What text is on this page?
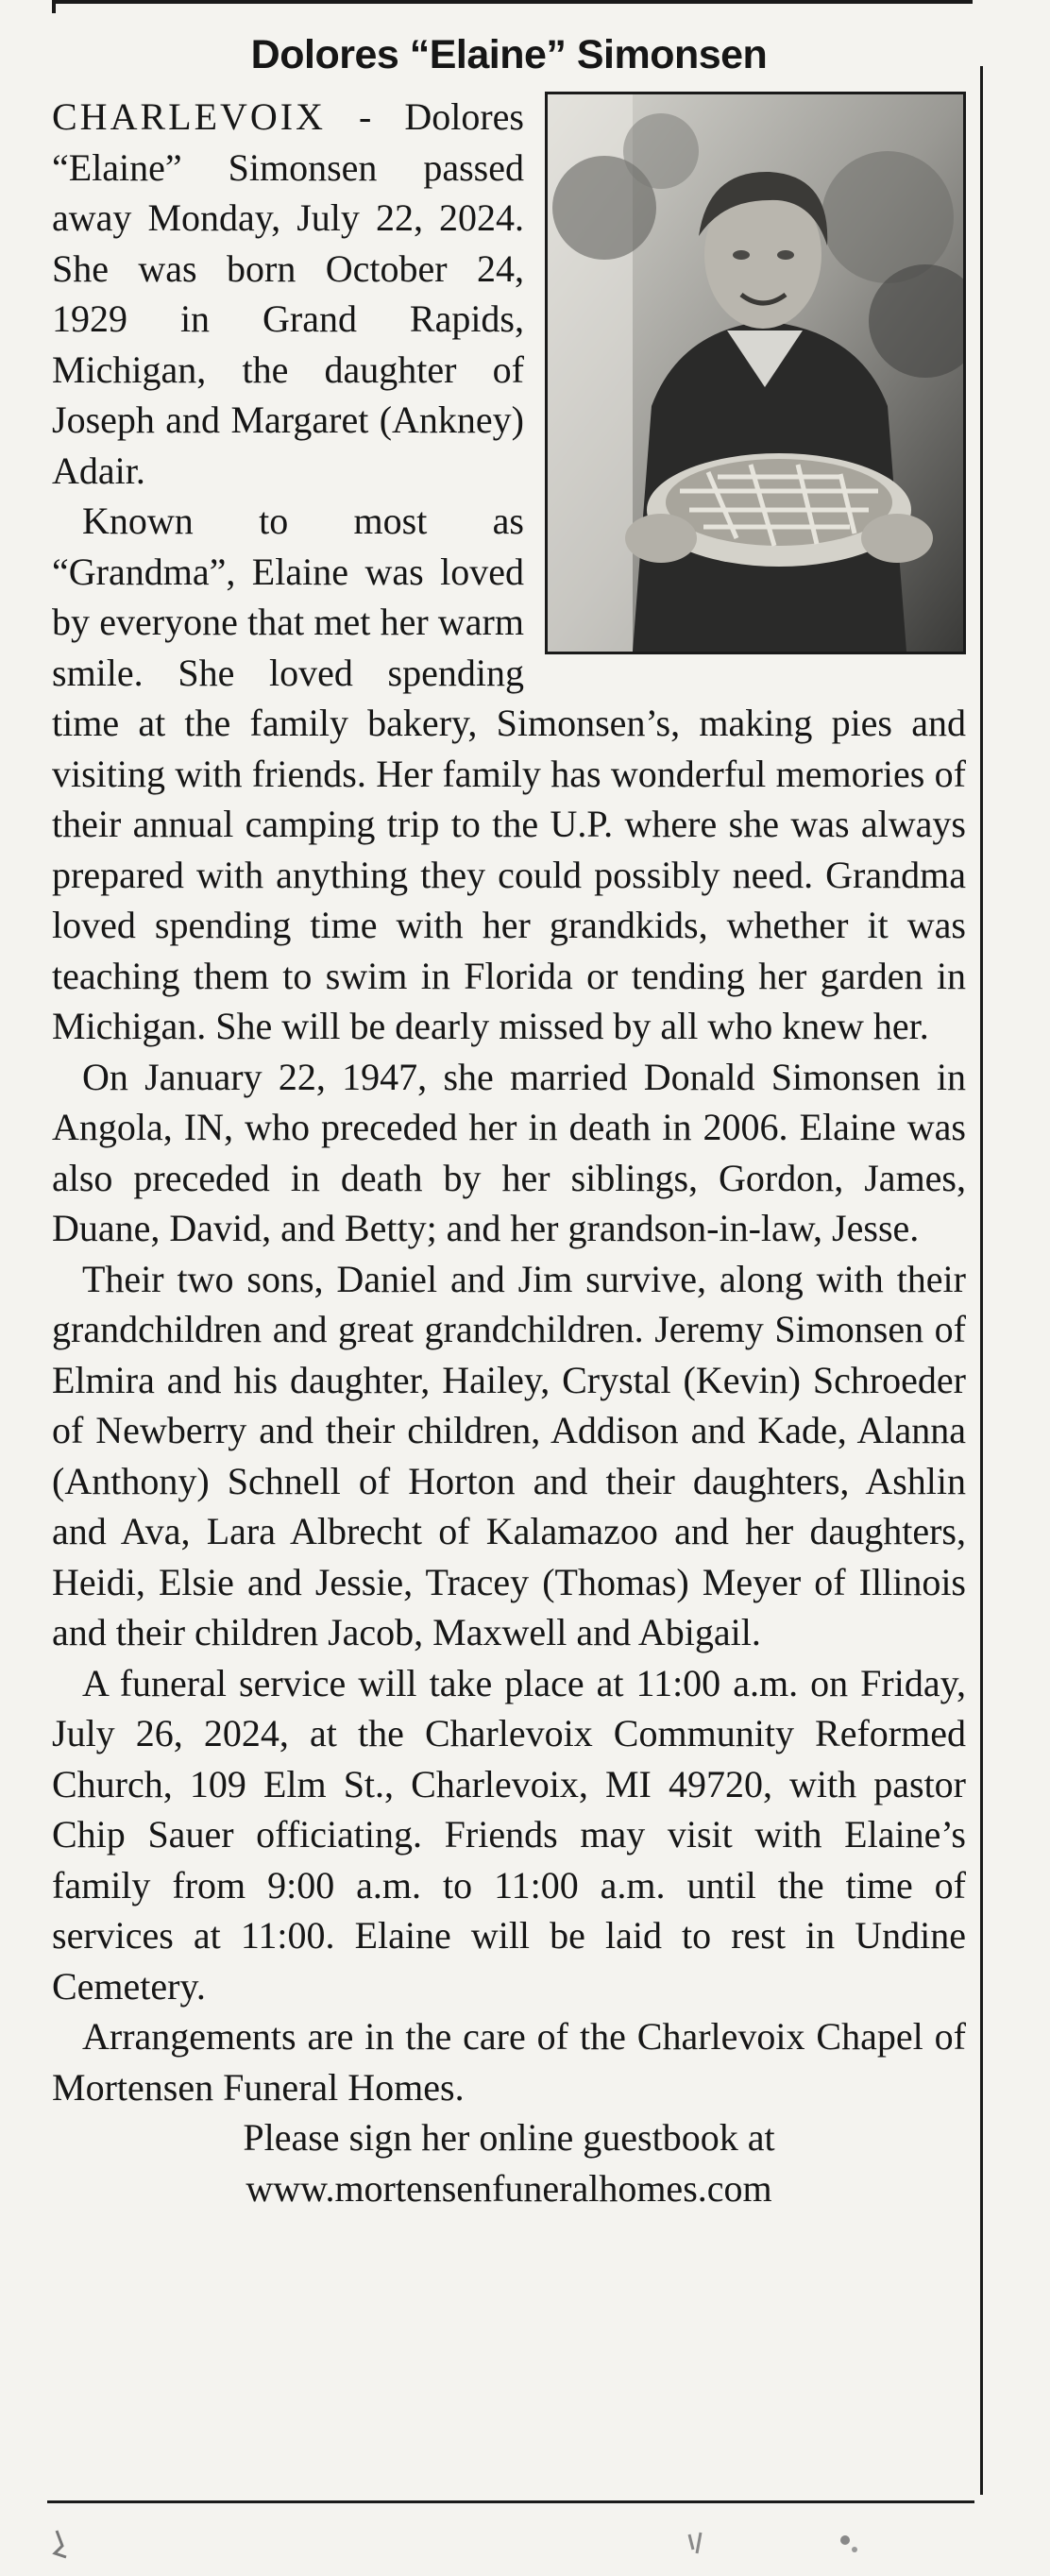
Dolores “Elaine” Simonsen

CHARLEVOIX - Dolores “Elaine” Simonsen passed away Monday, July 22, 2024. She was born October 24, 1929 in Grand Rapids, Michigan, the daughter of Joseph and Margaret (Ankney) Adair.

Known to most as “Grandma”, Elaine was loved by everyone that met her warm smile. She loved spending time at the family bakery, Simonsen’s, making pies and visiting with friends. Her family has wonderful memories of their annual camping trip to the U.P. where she was always prepared with anything they could possibly need. Grandma loved spending time with her grandkids, whether it was teaching them to swim in Florida or tending her garden in Michigan. She will be dearly missed by all who knew her.

On January 22, 1947, she married Donald Simonsen in Angola, IN, who preceded her in death in 2006. Elaine was also preceded in death by her siblings, Gordon, James, Duane, David, and Betty; and her grandson-in-law, Jesse.

Their two sons, Daniel and Jim survive, along with their grandchildren and great grandchildren. Jeremy Simonsen of Elmira and his daughter, Hailey, Crystal (Kevin) Schroeder of Newberry and their children, Addison and Kade, Alanna (Anthony) Schnell of Horton and their daughters, Ashlin and Ava, Lara Albrecht of Kalamazoo and her daughters, Heidi, Elsie and Jessie, Tracey (Thomas) Meyer of Illinois and their children Jacob, Maxwell and Abigail.

A funeral service will take place at 11:00 a.m. on Friday, July 26, 2024, at the Charlevoix Community Reformed Church, 109 Elm St., Charlevoix, MI 49720, with pastor Chip Sauer officiating. Friends may visit with Elaine’s family from 9:00 a.m. to 11:00 a.m. until the time of services at 11:00. Elaine will be laid to rest in Undine Cemetery.

Arrangements are in the care of the Charlevoix Chapel of Mortensen Funeral Homes.

Please sign her online guestbook at

www.mortensenfuneralhomes.com
